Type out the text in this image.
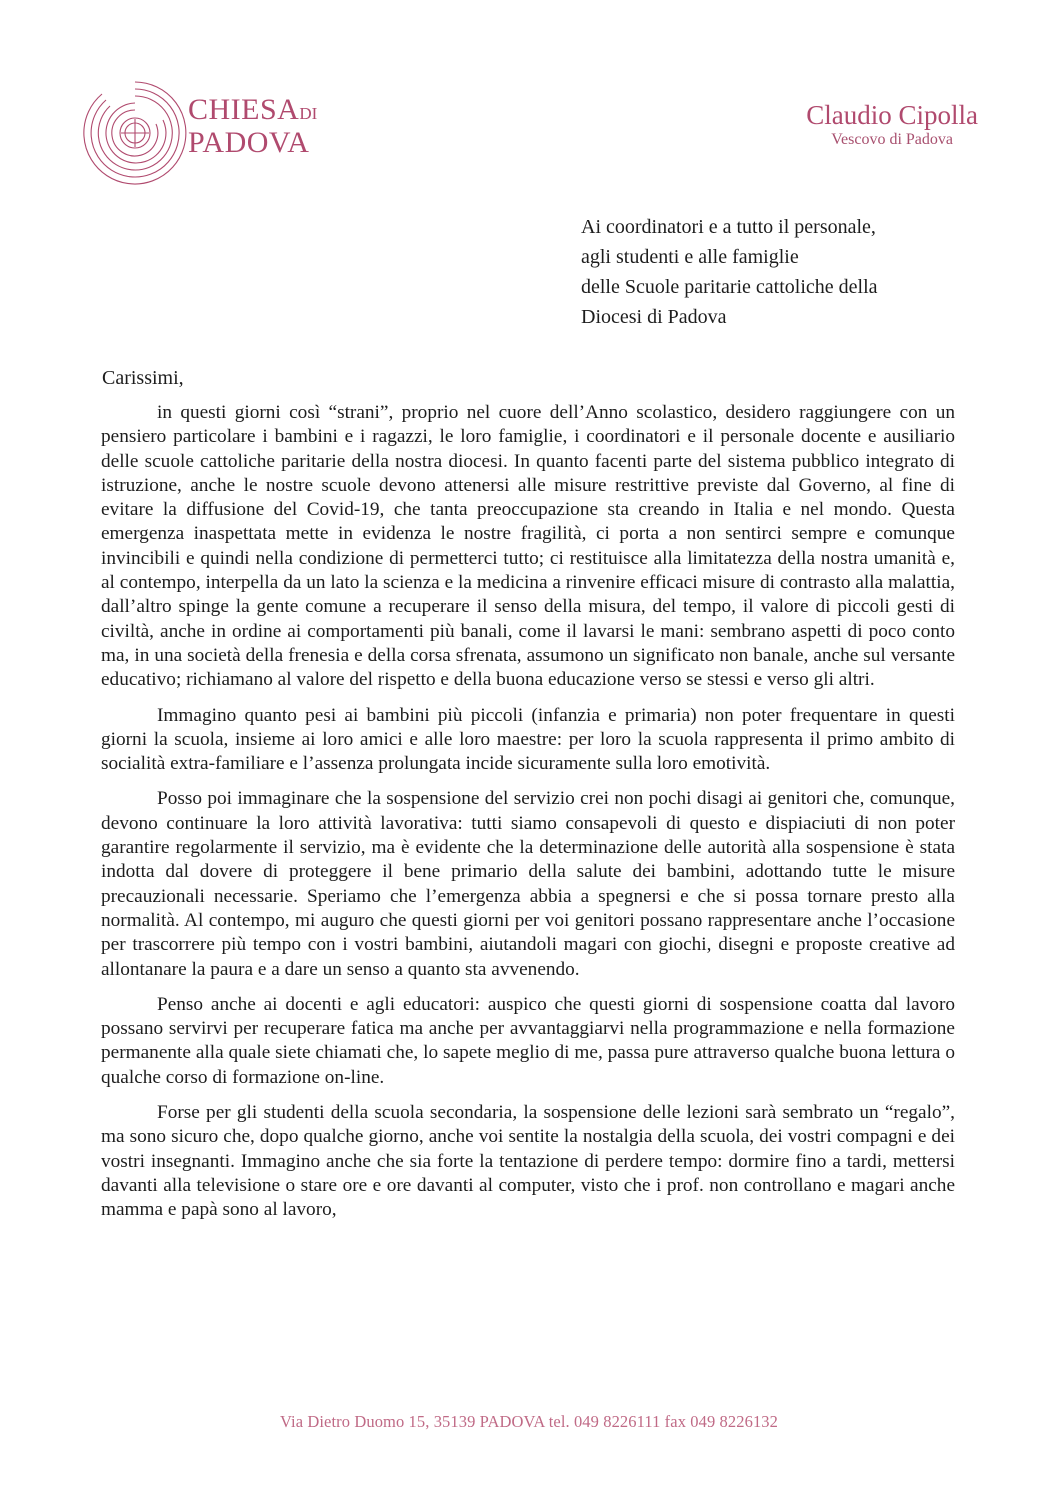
CHIESADI
PADOVA
Claudio Cipolla
Vescovo di Padova
Ai coordinatori e a tutto il personale,
agli studenti e alle famiglie
delle Scuole paritarie cattoliche della
Diocesi di Padova
Carissimi,

in questi giorni così “strani”, proprio nel cuore dell’Anno scolastico, desidero raggiungere con un pensiero particolare i bambini e i ragazzi, le loro famiglie, i coordinatori e il personale docente e ausiliario delle scuole cattoliche paritarie della nostra diocesi. In quanto facenti parte del sistema pubblico integrato di istruzione, anche le nostre scuole devono attenersi alle misure restrittive previste dal Governo, al fine di evitare la diffusione del Covid-19, che tanta preoccupazione sta creando in Italia e nel mondo. Questa emergenza inaspettata mette in evidenza le nostre fragilità, ci porta a non sentirci sempre e comunque invincibili e quindi nella condizione di permetterci tutto; ci restituisce alla limitatezza della nostra umanità e, al contempo, interpella da un lato la scienza e la medicina a rinvenire efficaci misure di contrasto alla malattia, dall’altro spinge la gente comune a recuperare il senso della misura, del tempo, il valore di piccoli gesti di civiltà, anche in ordine ai comportamenti più banali, come il lavarsi le mani: sembrano aspetti di poco conto ma, in una società della frenesia e della corsa sfrenata, assumono un significato non banale, anche sul versante educativo; richiamano al valore del rispetto e della buona educazione verso se stessi e verso gli altri.

Immagino quanto pesi ai bambini più piccoli (infanzia e primaria) non poter frequentare in questi giorni la scuola, insieme ai loro amici e alle loro maestre: per loro la scuola rappresenta il primo ambito di socialità extra-familiare e l’assenza prolungata incide sicuramente sulla loro emotività.

Posso poi immaginare che la sospensione del servizio crei non pochi disagi ai genitori che, comunque, devono continuare la loro attività lavorativa: tutti siamo consapevoli di questo e dispiaciuti di non poter garantire regolarmente il servizio, ma è evidente che la determinazione delle autorità alla sospensione è stata indotta dal dovere di proteggere il bene primario della salute dei bambini, adottando tutte le misure precauzionali necessarie. Speriamo che l’emergenza abbia a spegnersi e che si possa tornare presto alla normalità. Al contempo, mi auguro che questi giorni per voi genitori possano rappresentare anche l’occasione per trascorrere più tempo con i vostri bambini, aiutandoli magari con giochi, disegni e proposte creative ad allontanare la paura e a dare un senso a quanto sta avvenendo.

Penso anche ai docenti e agli educatori: auspico che questi giorni di sospensione coatta dal lavoro possano servirvi per recuperare fatica ma anche per avvantaggiarvi nella programmazione e nella formazione permanente alla quale siete chiamati che, lo sapete meglio di me, passa pure attraverso qualche buona lettura o qualche corso di formazione on-line.

Forse per gli studenti della scuola secondaria, la sospensione delle lezioni sarà sembrato un “regalo”, ma sono sicuro che, dopo qualche giorno, anche voi sentite la nostalgia della scuola, dei vostri compagni e dei vostri insegnanti. Immagino anche che sia forte la tentazione di perdere tempo: dormire fino a tardi, mettersi davanti alla televisione o stare ore e ore davanti al computer, visto che i prof. non controllano e magari anche mamma e papà sono al lavoro,

Via Dietro Duomo 15, 35139 PADOVA tel. 049 8226111 fax 049 8226132
